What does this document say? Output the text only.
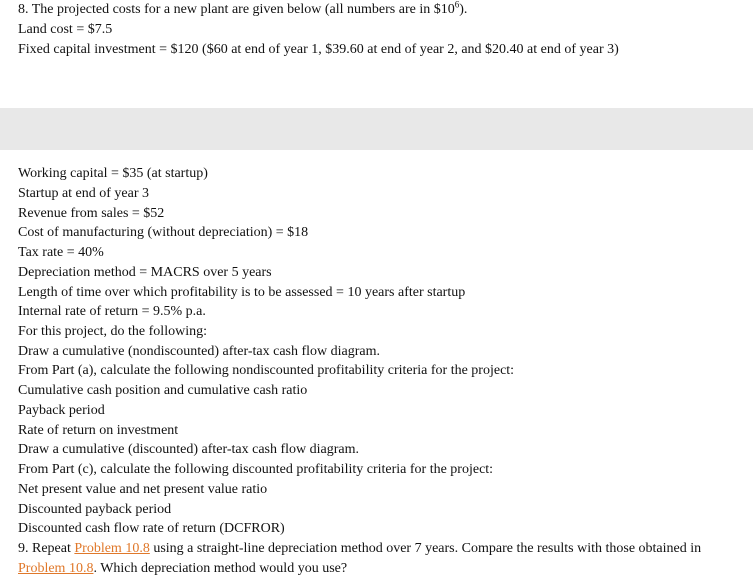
8. The projected costs for a new plant are given below (all numbers are in $\$10^6$).
Land cost = $7.5
Fixed capital investment = $120 ($60 at end of year 1, $39.60 at end of year 2, and $20.40 at end of year 3)
Working capital = $35 (at startup)
Startup at end of year 3
Revenue from sales = $52
Cost of manufacturing (without depreciation) = $18
Tax rate = 40%
Depreciation method = MACRS over 5 years
Length of time over which profitability is to be assessed = 10 years after startup
Internal rate of return = 9.5% p.a.
For this project, do the following:
Draw a cumulative (nondiscounted) after-tax cash flow diagram.
From Part (a), calculate the following nondiscounted profitability criteria for the project:
Cumulative cash position and cumulative cash ratio
Payback period
Rate of return on investment
Draw a cumulative (discounted) after-tax cash flow diagram.
From Part (c), calculate the following discounted profitability criteria for the project:
Net present value and net present value ratio
Discounted payback period
Discounted cash flow rate of return (DCFROR)
9. Repeat Problem 10.8 using a straight-line depreciation method over 7 years. Compare the results with those obtained in
Problem 10.8. Which depreciation method would you use?
